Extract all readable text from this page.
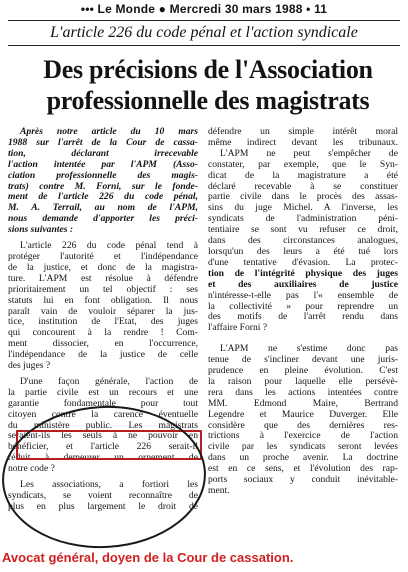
••• Le Monde ● Mercredi 30 mars 1988 • 11
L'article 226 du code pénal et l'action syndicale
Des précisions de l'Association
professionnelle des magistrats

Après notre article du 10 mars
1988 sur l'arrêt de la Cour de cassa-
tion, déclarant irrecevable
l'action intentée par l'APM (Asso-
ciation professionnelle des magis-
trats) contre M. Forni, sur le fonde-
ment de l'article 226 du code pénal,
M. A. Terrail, au nom de l'APM,
nous demande d'apporter les préci-
sions suivantes :

L'article 226 du code pénal tend à
protéger l'autorité et l'indépendance
de la justice, et donc de la magistra-
ture. L'APM est résolue à défendre
prioritairement un tel objectif : ses
statuts lui en font obligation. Il nous
paraît vain de vouloir séparer la jus-
tice, institution de l'Etat, des juges
qui concourent à la rendre ! Com-
ment dissocier, en l'occurrence,
l'indépendance de la justice de celle
des juges ?

D'une façon générale, l'action de
la partie civile est un recours et une
garantie fondamentale pour tout
citoyen contre la carence éventuelle
du ministère public. Les magistrats
seraient-ils les seuls à ne pouvoir en
bénéficier, et l'article 226 serait-il
réduit à demeurer un ornement de
notre code ?

Les associations, a fortiori les
syndicats, se voient reconnaître de
plus en plus largement le droit de

défendre un simple intérêt moral
même indirect devant les tribunaux.
L'APM ne peut s'empêcher de
constater, par exemple, que le Syn-
dicat de la magistrature a été
déclaré recevable à se constituer
partie civile dans le procès des assas-
sins du juge Michel. A l'inverse, les
syndicats de l'administration péni-
tentiaire se sont vu refuser ce droit,
dans des circonstances analogues,
lorsqu'un des leurs a été tué lors
d'une tentative d'évasion. La protec-
tion de l'intégrité physique des juges
et des auxiliaires de justice
n'intéresse-t-elle pas l'« ensemble de
la collectivité » pour reprendre un
des motifs de l'arrêt rendu dans
l'affaire Forni ?

L'APM ne s'estime donc pas
tenue de s'incliner devant une juris-
prudence en pleine évolution. C'est
la raison pour laquelle elle persévè-
rera dans les actions intentées contre
MM. Edmond Maire, Bertrand
Legendre et Maurice Duverger. Elle
considère que des dernières res-
trictions à l'exercice de l'action
civile par les syndicats seront levées
dans un proche avenir. La doctrine
est en ce sens, et l'évolution des rap-
ports sociaux y conduit inévitable-
ment.

Avocat général, doyen de la Cour de cassation.
